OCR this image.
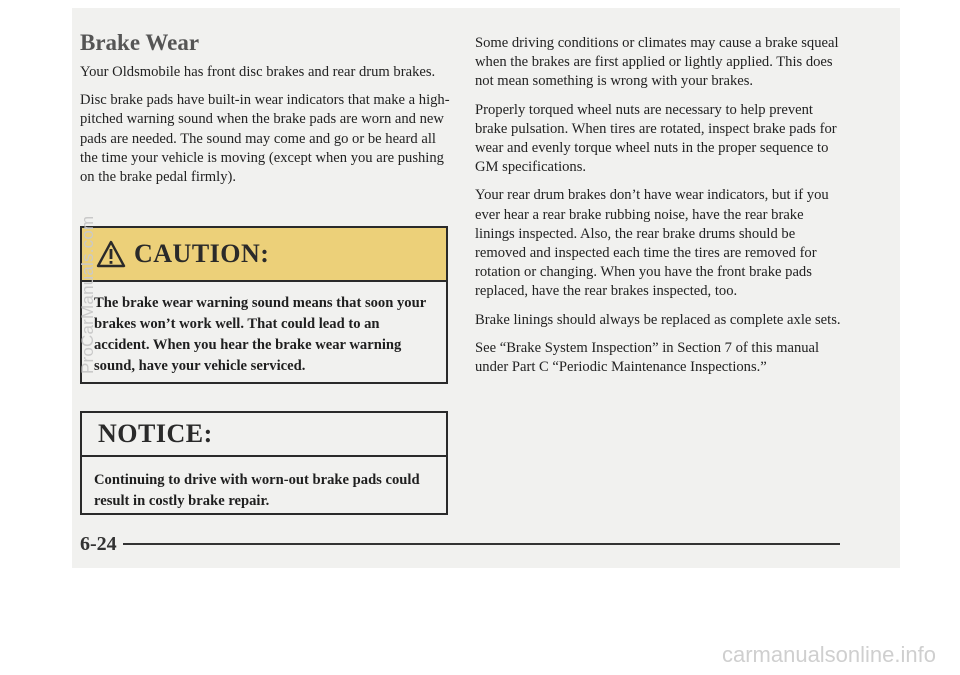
Brake Wear

Your Oldsmobile has front disc brakes and rear drum brakes.

Disc brake pads have built-in wear indicators that make a high-pitched warning sound when the brake pads are worn and new pads are needed. The sound may come and go or be heard all the time your vehicle is moving (except when you are pushing on the brake pedal firmly).

CAUTION:
The brake wear warning sound means that soon your brakes won’t work well. That could lead to an accident. When you hear the brake wear warning sound, have your vehicle serviced.
NOTICE:
Continuing to drive with worn-out brake pads could result in costly brake repair.

Some driving conditions or climates may cause a brake squeal when the brakes are first applied or lightly applied. This does not mean something is wrong with your brakes.

Properly torqued wheel nuts are necessary to help prevent brake pulsation. When tires are rotated, inspect brake pads for wear and evenly torque wheel nuts in the proper sequence to GM specifications.

Your rear drum brakes don’t have wear indicators, but if you ever hear a rear brake rubbing noise, have the rear brake linings inspected. Also, the rear brake drums should be removed and inspected each time the tires are removed for rotation or changing. When you have the front brake pads replaced, have the rear brakes inspected, too.

Brake linings should always be replaced as complete axle sets.

See “Brake System Inspection” in Section 7 of this manual under Part C “Periodic Maintenance Inspections.”

6-24
ProCarManuals.com
carmanualsonline.info
